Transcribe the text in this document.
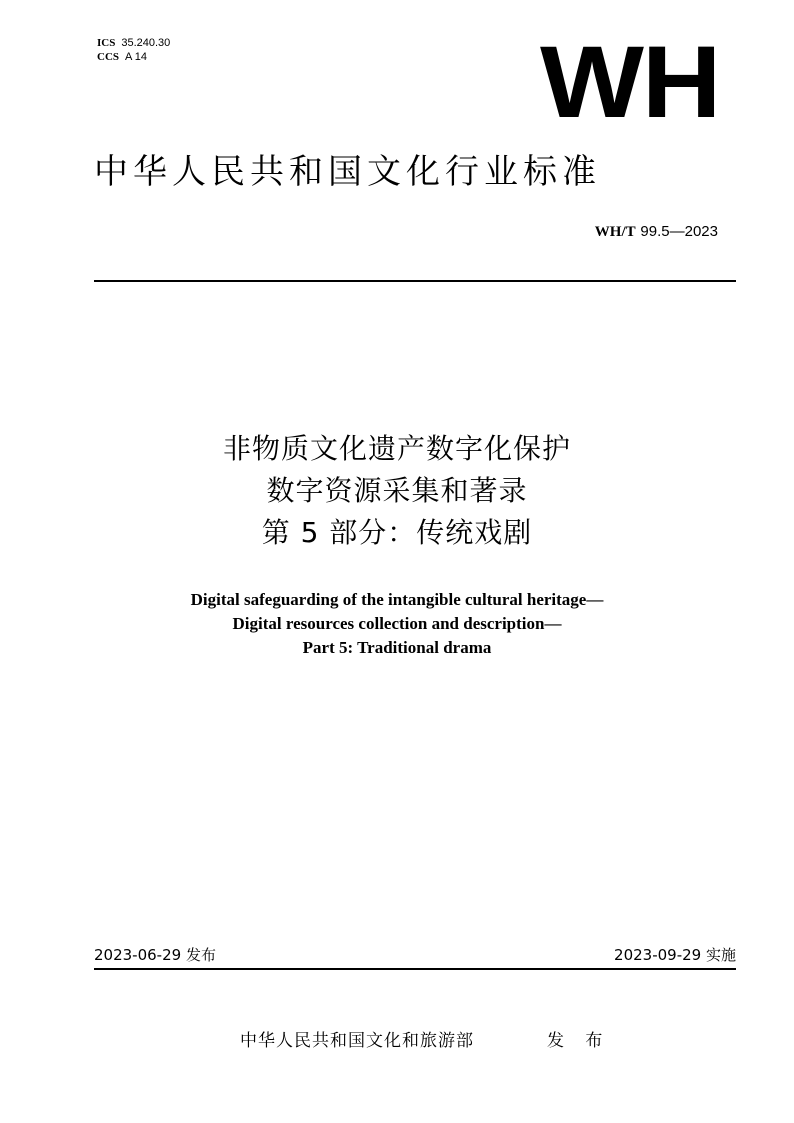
ICS 35.240.30
CCS A 14	WH
中华人民共和国文化行业标准
WH/T 99.5—2023
非物质文化遗产数字化保护
数字资源采集和著录
第 5 部分：传统戏剧
Digital safeguarding of the intangible cultural heritage—
Digital resources collection and description—
Part 5: Traditional drama
2023-06-29 发布	2023-09-29 实施
中华人民共和国文化和旅游部	发 布
